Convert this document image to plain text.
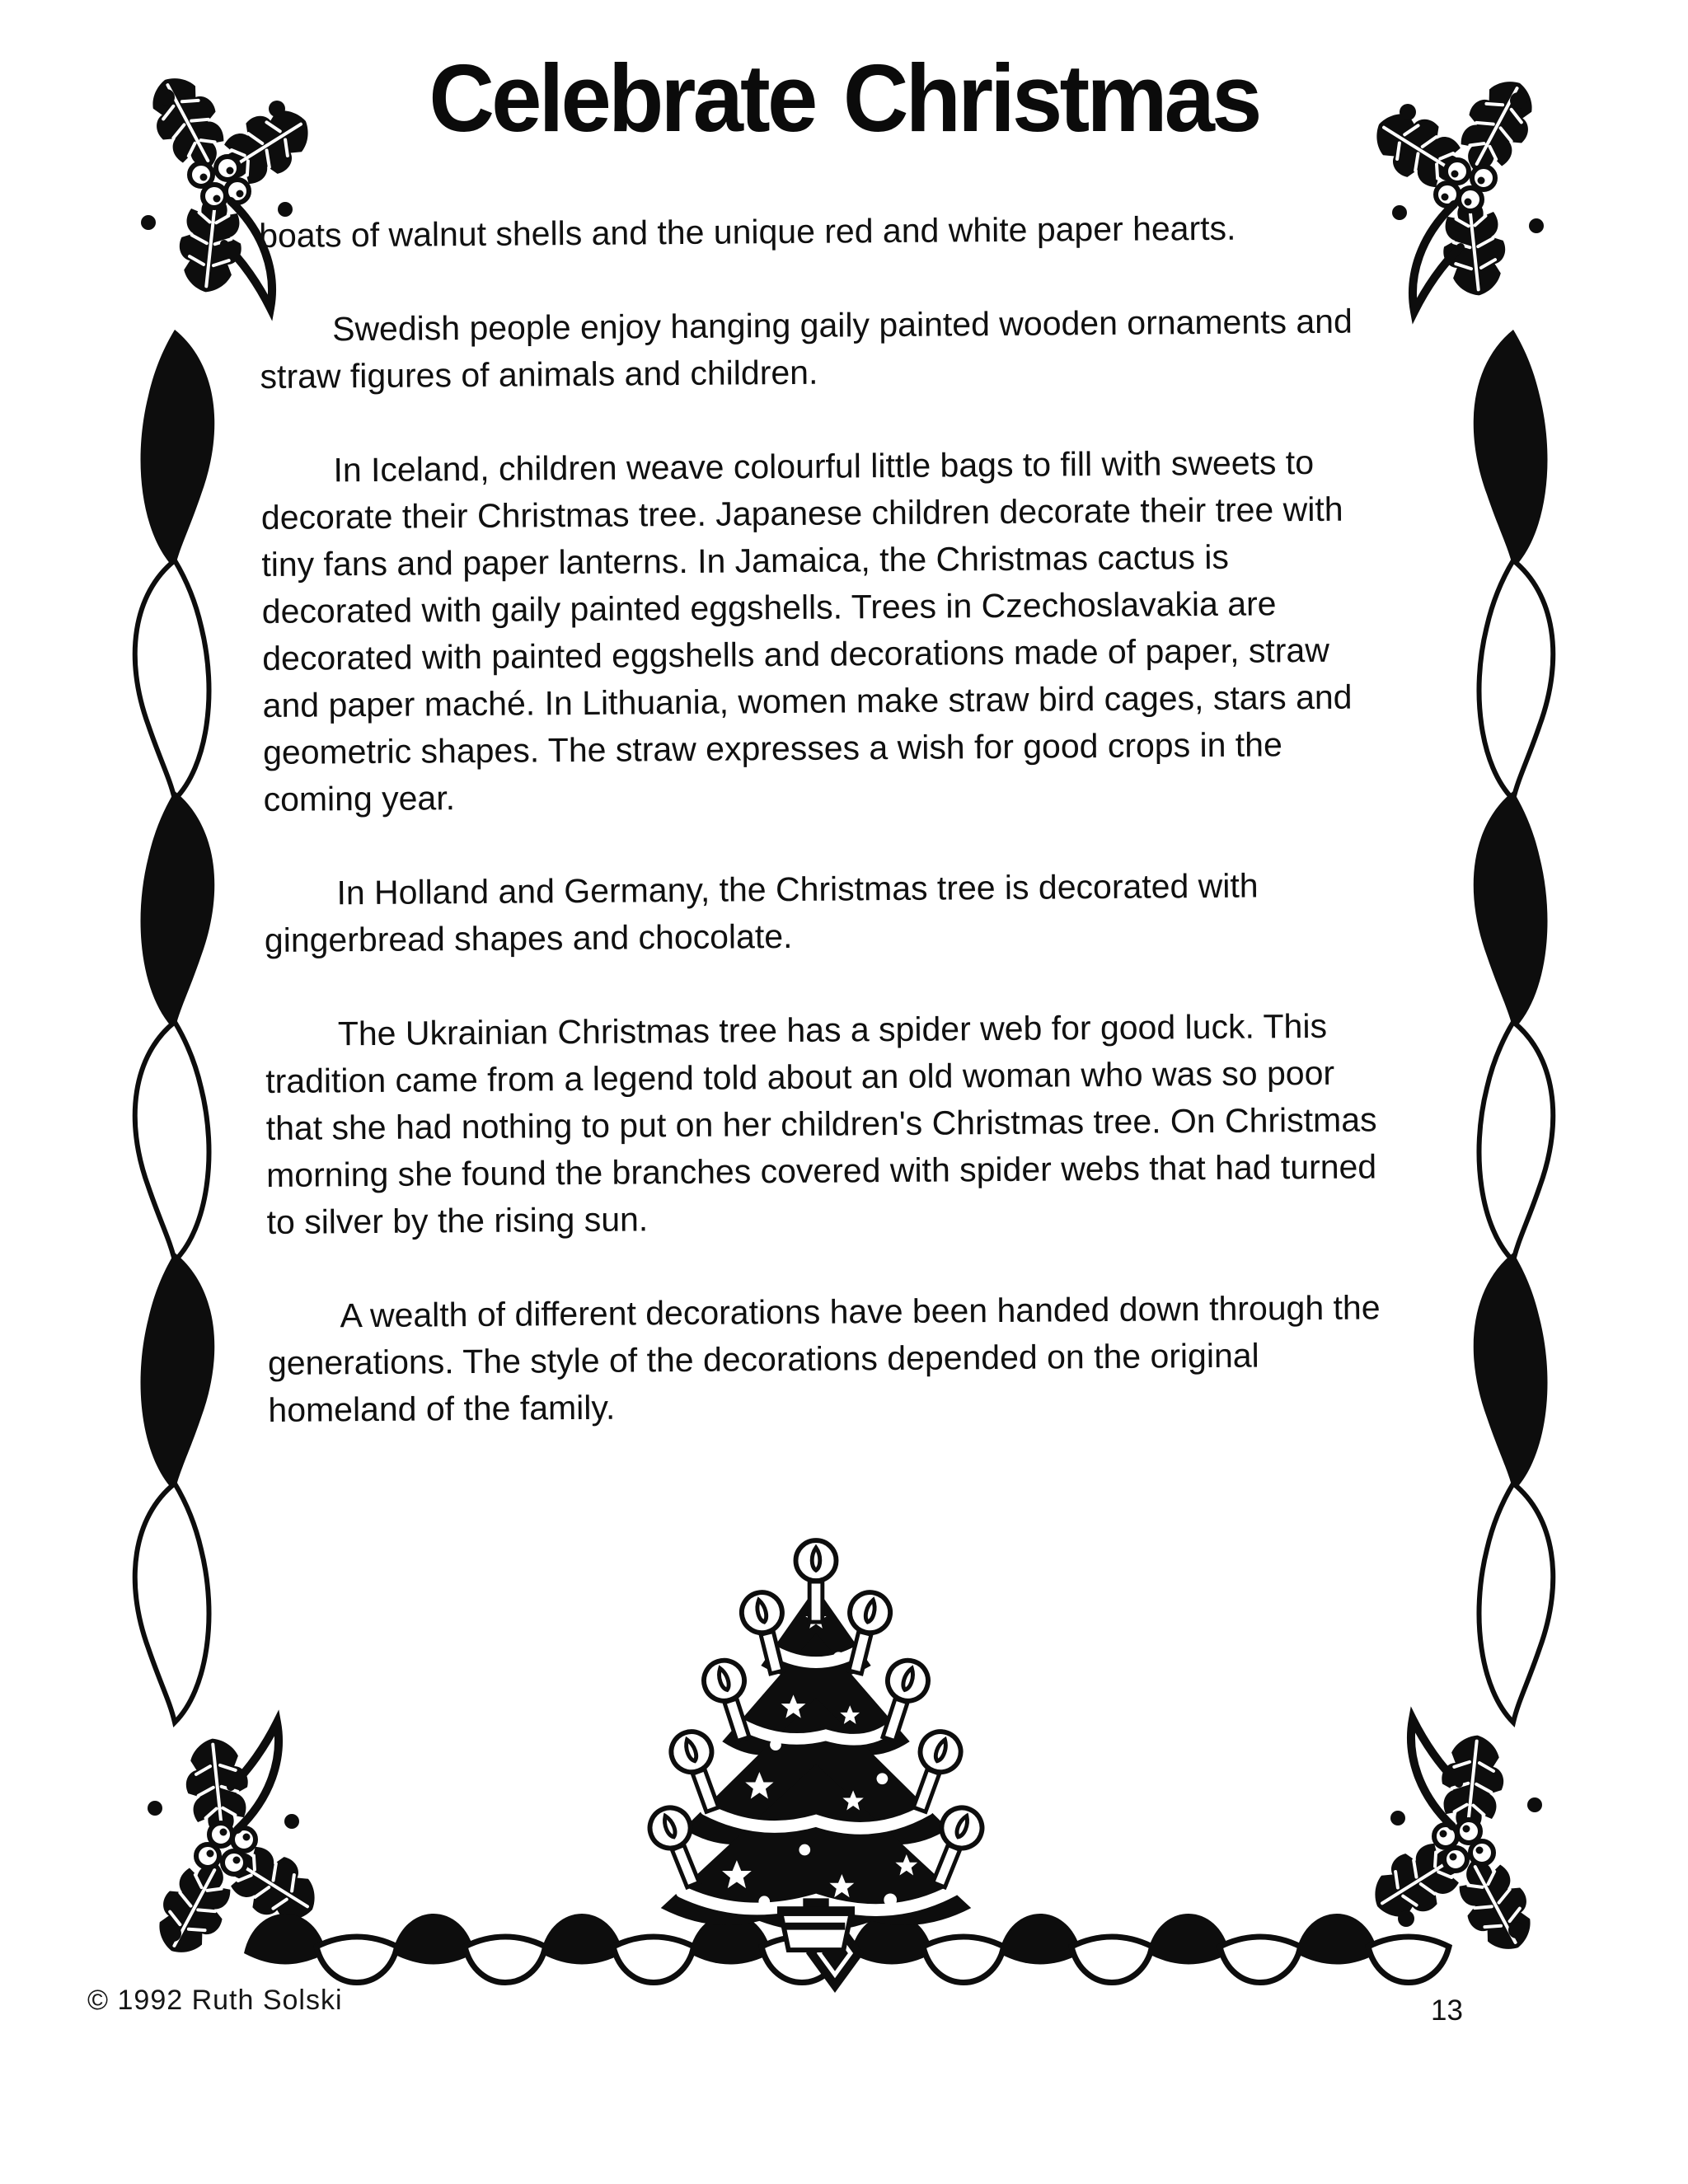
Celebrate Christmas

boats of walnut shells and the unique red and white paper hearts.

Swedish people enjoy hanging gaily painted wooden ornaments and straw figures of animals and children.

In Iceland, children weave colourful little bags to fill with sweets to decorate their Christmas tree. Japanese children decorate their tree with tiny fans and paper lanterns. In Jamaica, the Christmas cactus is decorated with gaily painted eggshells. Trees in Czechoslavakia are decorated with painted eggshells and decorations made of paper, straw and paper maché. In Lithuania, women make straw bird cages, stars and geometric shapes. The straw expresses a wish for good crops in the coming year.

In Holland and Germany, the Christmas tree is decorated with gingerbread shapes and chocolate.

The Ukrainian Christmas tree has a spider web for good luck. This tradition came from a legend told about an old woman who was so poor that she had nothing to put on her children's Christmas tree. On Christmas morning she found the branches covered with spider webs that had turned to silver by the rising sun.

A wealth of different decorations have been handed down through the generations. The style of the decorations depended on the original homeland of the family.

© 1992 Ruth Solski	13
